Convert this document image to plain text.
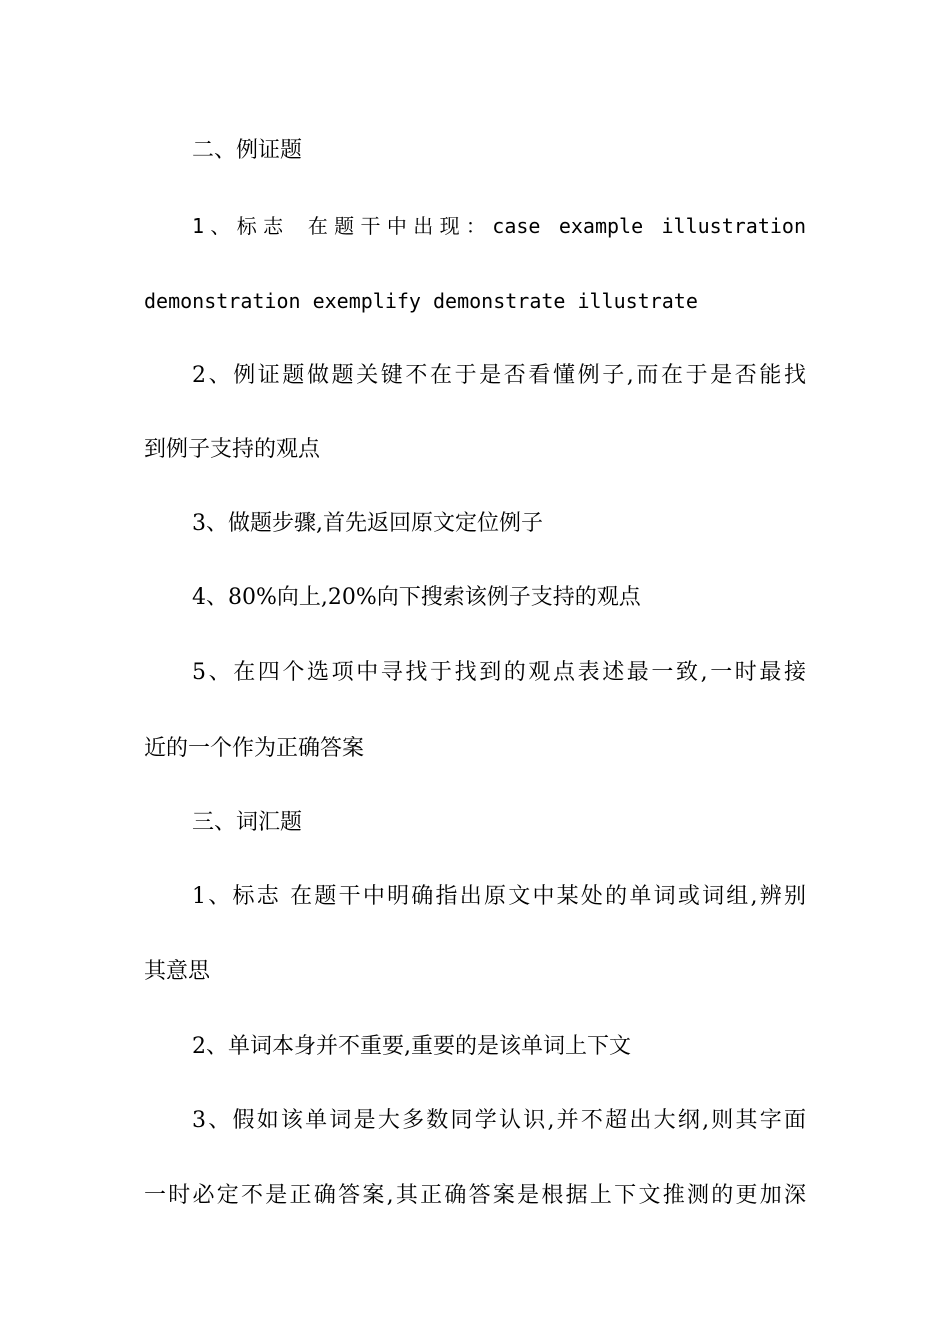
二、例证题
1、标志 在题干中出现：case example illustration
demonstration exemplify demonstrate illustrate
2、例证题做题关键不在于是否看懂例子,而在于是否能找
到例子支持的观点
3、做题步骤,首先返回原文定位例子
4、80%向上,20%向下搜索该例子支持的观点
5、在四个选项中寻找于找到的观点表述最一致,一时最接
近的一个作为正确答案
三、词汇题
1、标志 在题干中明确指出原文中某处的单词或词组,辨别
其意思
2、单词本身并不重要,重要的是该单词上下文
3、假如该单词是大多数同学认识,并不超出大纲,则其字面
一时必定不是正确答案,其正确答案是根据上下文推测的更加深
